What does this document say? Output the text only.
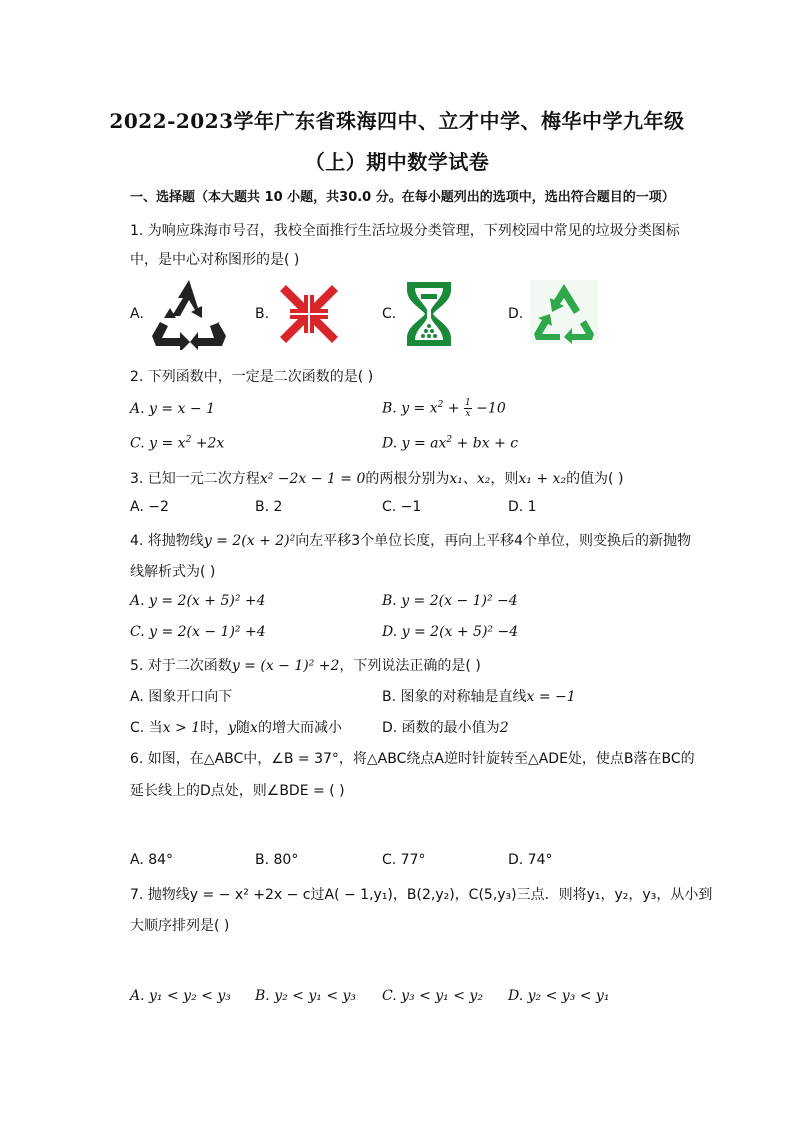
2022-2023学年广东省珠海四中、立才中学、梅华中学九年级
（上）期中数学试卷
一、选择题（本大题共 10 小题，共30.0 分。在每小题列出的选项中，选出符合题目的一项）
1. 为响应珠海市号召，我校全面推行生活垃圾分类管理，下列校园中常见的垃圾分类图标
中，是中心对称图形的是( )
A.	B.	C.	D.
2. 下列函数中，一定是二次函数的是( )
A. y = x − 1	B. $y = x^2 + \frac{1}{x} -10$
C. $y = x^2 +2x$	D. $y = ax^2$ + bx + c
3. 已知一元二次方程x² −2x − 1 = 0的两根分别为x₁、x₂，则x₁ + x₂的值为( )
A. −2	B. 2	C. −1	D. 1
4. 将抛物线y = 2(x + 2)²向左平移3个单位长度，再向上平移4个单位，则变换后的新抛物
线解析式为( )
A. y = 2(x + 5)² +4	B. y = 2(x − 1)² −4
C. y = 2(x − 1)² +4	D. y = 2(x + 5)² −4
5. 对于二次函数y = (x − 1)² +2，下列说法正确的是( )
A. 图象开口向下	B. 图象的对称轴是直线x = −1
C. 当x > 1时，y随x的增大而减小	D. 函数的最小值为2
6. 如图，在△ABC中，∠B = 37°，将△ABC绕点A逆时针旋转至△ADE处，使点B落在BC的
延长线上的D点处，则∠BDE = ( )
A. 84°	B. 80°	C. 77°	D. 74°
7. 抛物线y = − x² +2x − c过A( − 1,y₁)，B(2,y₂)，C(5,y₃)三点．则将y₁，y₂，y₃，从小到
大顺序排列是( )
A. y₁ < y₂ < y₃ B. y₂ < y₁ < y₃ C. y₃ < y₁ < y₂ D. y₂ < y₃ < y₁
